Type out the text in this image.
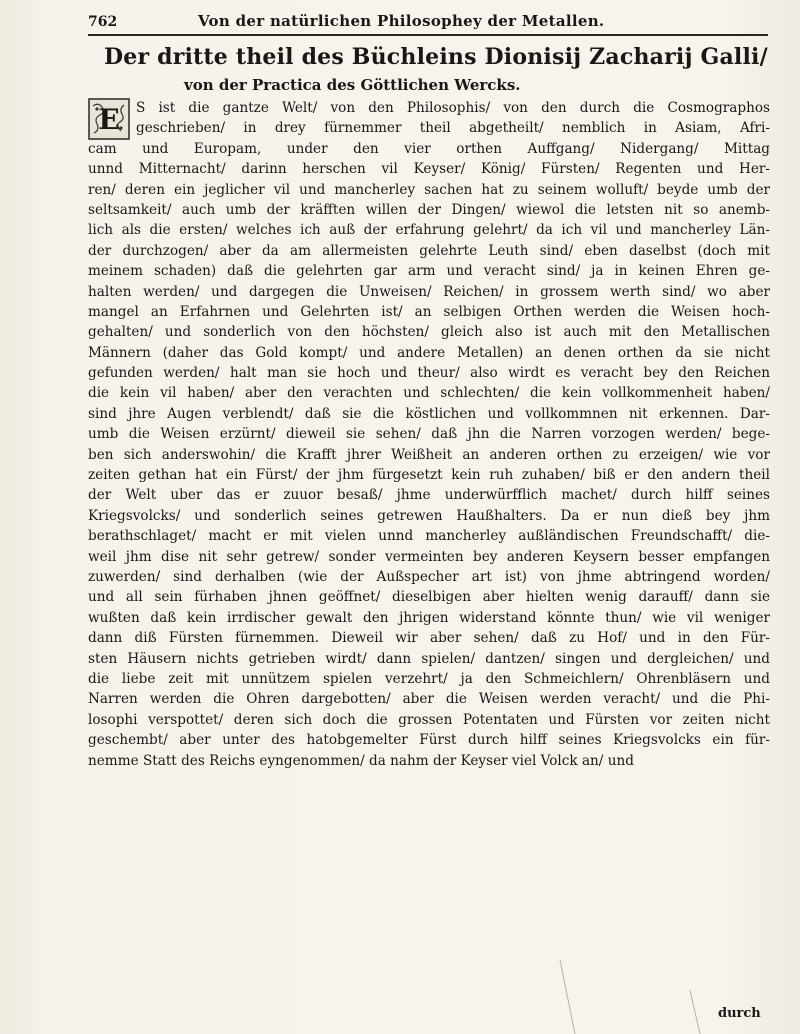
762	Von der natürlichen Philosophey der Metallen.
Der dritte theil des Büchleins Dionisij Zacharij Galli/
von der Practica des Göttlichen Wercks.
E	S ist die gantze Welt/ von den Philosophis/ von den durch die Cosmographos
geschrieben/ in drey fürnemmer theil abgetheilt/ nemblich in Asiam, Afri-
cam und Europam, under den vier orthen Auffgang/ Nidergang/ Mittag
unnd Mitternacht/ darinn herschen vil Keyser/ König/ Fürsten/ Regenten und Her-
ren/ deren ein jeglicher vil und mancherley sachen hat zu seinem wolluft/ beyde umb der
seltsamkeit/ auch umb der kräfften willen der Dingen/ wiewol die letsten nit so anemb-
lich als die ersten/ welches ich auß der erfahrung gelehrt/ da ich vil und mancherley Län-
der durchzogen/ aber da am allermeisten gelehrte Leuth sind/ eben daselbst (doch mit
meinem schaden) daß die gelehrten gar arm und veracht sind/ ja in keinen Ehren ge-
halten werden/ und dargegen die Unweisen/ Reichen/ in grossem werth sind/ wo aber
mangel an Erfahrnen und Gelehrten ist/ an selbigen Orthen werden die Weisen hoch-
gehalten/ und sonderlich von den höchsten/ gleich also ist auch mit den Metallischen
Männern (daher das Gold kompt/ und andere Metallen) an denen orthen da sie nicht
gefunden werden/ halt man sie hoch und theur/ also wirdt es veracht bey den Reichen
die kein vil haben/ aber den verachten und schlechten/ die kein vollkommenheit haben/
sind jhre Augen verblendt/ daß sie die köstlichen und vollkommnen nit erkennen. Dar-
umb die Weisen erzürnt/ dieweil sie sehen/ daß jhn die Narren vorzogen werden/ bege-
ben sich anderswohin/ die Krafft jhrer Weißheit an anderen orthen zu erzeigen/ wie vor
zeiten gethan hat ein Fürst/ der jhm fürgesetzt kein ruh zuhaben/ biß er den andern theil
der Welt uber das er zuuor besaß/ jhme underwürfflich machet/ durch hilff seines
Kriegsvolcks/ und sonderlich seines getrewen Haußhalters. Da er nun dieß bey jhm
berathschlaget/ macht er mit vielen unnd mancherley außländischen Freundschafft/ die-
weil jhm dise nit sehr getrew/ sonder vermeinten bey anderen Keysern besser empfangen
zuwerden/ sind derhalben (wie der Außspecher art ist) von jhme abtringend worden/
und all sein fürhaben jhnen geöffnet/ dieselbigen aber hielten wenig darauff/ dann sie
wußten daß kein irrdischer gewalt den jhrigen widerstand könnte thun/ wie vil weniger
dann diß Fürsten fürnemmen. Dieweil wir aber sehen/ daß zu Hof/ und in den Für-
sten Häusern nichts getrieben wirdt/ dann spielen/ dantzen/ singen und dergleichen/ und
die liebe zeit mit unnützem spielen verzehrt/ ja den Schmeichlern/ Ohrenbläsern und
Narren werden die Ohren dargebotten/ aber die Weisen werden veracht/ und die Phi-
losophi verspottet/ deren sich doch die grossen Potentaten und Fürsten vor zeiten nicht
geschembt/ aber unter des hatobgemelter Fürst durch hilff seines Kriegsvolcks ein für-
nemme Statt des Reichs eyngenommen/ da nahm der Keyser viel Volck an/ und
durch
